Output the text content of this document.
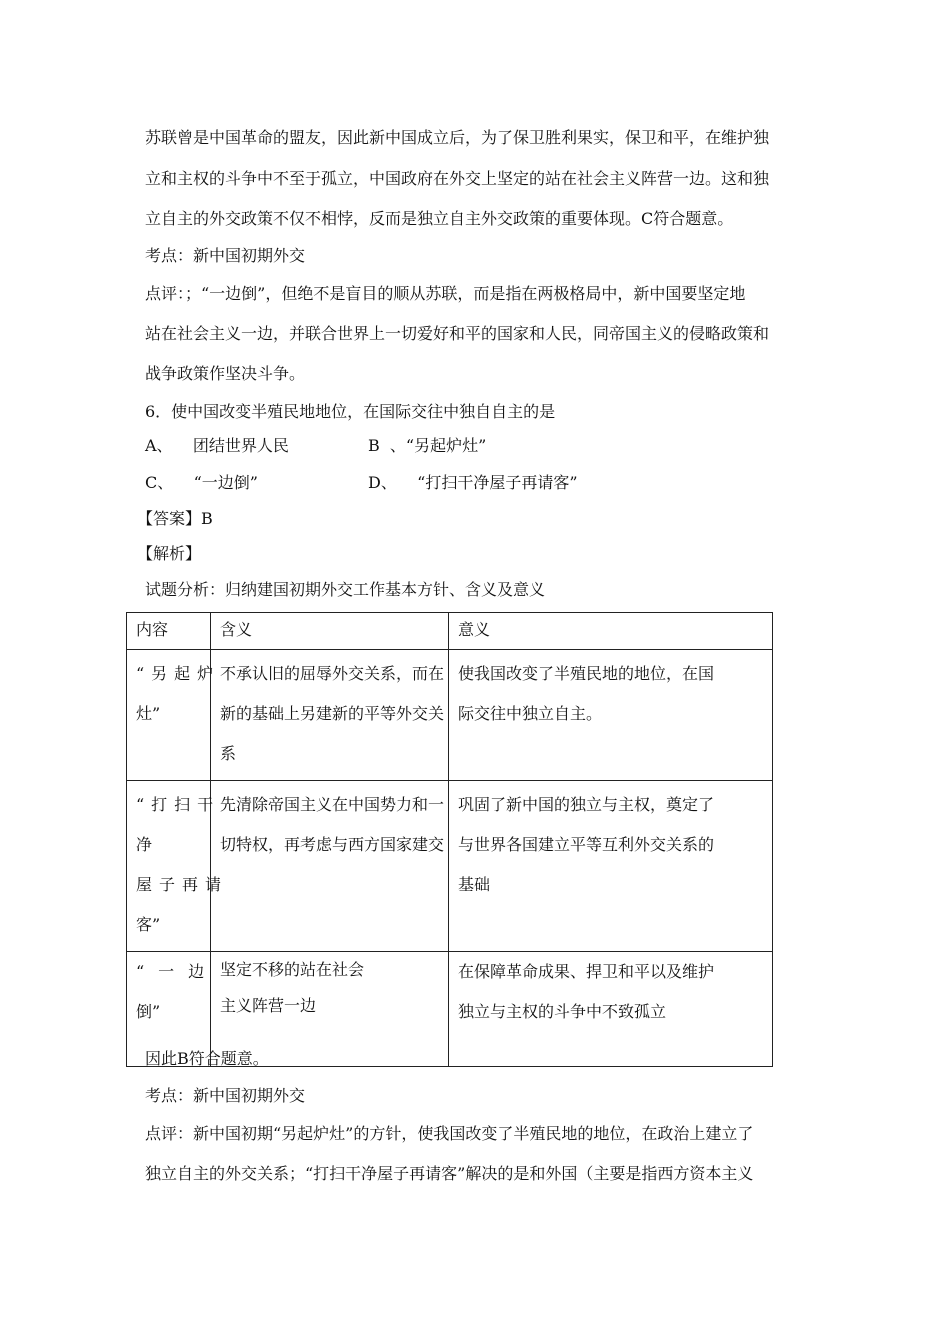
苏联曾是中国革命的盟友，因此新中国成立后，为了保卫胜利果实，保卫和平，在维护独
立和主权的斗争中不至于孤立，中国政府在外交上坚定的站在社会主义阵营一边。这和独
立自主的外交政策不仅不相悖，反而是独立自主外交政策的重要体现。C符合题意。
考点：新中国初期外交
点评：；“一边倒”，但绝不是盲目的顺从苏联，而是指在两极格局中，新中国要坚定地
站在社会主义一边，并联合世界上一切爱好和平的国家和人民，同帝国主义的侵略政策和
战争政策作坚决斗争。
6．使中国改变半殖民地地位，在国际交往中独自自主的是
A、    团结世界人民	B  、“另起炉灶”
C、    “一边倒”	D、    “打扫干净屋子再请客”
【答案】B
【解析】
试题分析：归纳建国初期外交工作基本方针、含义及意义
内容	含义	意义

“另起炉
灶”	不承认旧的屈辱外交关系，而在
新的基础上另建新的平等外交关
系	使我国改变了半殖民地的地位，在国
际交往中独立自主。

“打扫干
净
屋子再请
客”	先清除帝国主义在中国势力和一
切特权，再考虑与西方国家建交	巩固了新中国的独立与主权，奠定了
与世界各国建立平等互利外交关系的
基础

“一边
倒”	坚定不移的站在社会
主义阵营一边	在保障革命成果、捍卫和平以及维护
独立与主权的斗争中不致孤立
因此B符合题意。
考点：新中国初期外交
点评：新中国初期“另起炉灶”的方针，使我国改变了半殖民地的地位，在政治上建立了
独立自主的外交关系；“打扫干净屋子再请客”解决的是和外国（主要是指西方资本主义
